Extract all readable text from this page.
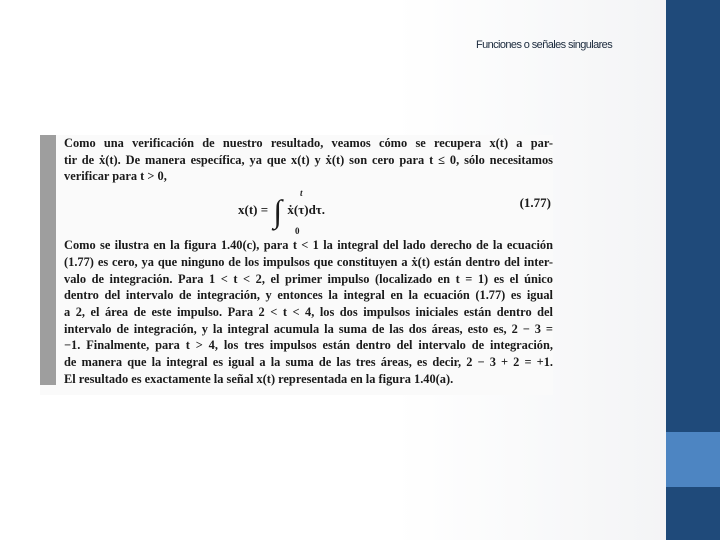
Funciones o señales singulares
Como una verificación de nuestro resultado, veamos cómo se recupera x(t) a par-
tir de ẋ(t). De manera específica, ya que x(t) y ẋ(t) son cero para t ≤ 0, sólo necesitamos
verificar para t > 0,
x(t) = ∫ t
0
ẋ(τ)dτ.	(1.77)
Como se ilustra en la figura 1.40(c), para t < 1 la integral del lado derecho de la ecuación
(1.77) es cero, ya que ninguno de los impulsos que constituyen a ẋ(t) están dentro del inter-
valo de integración. Para 1 < t < 2, el primer impulso (localizado en t = 1) es el único
dentro del intervalo de integración, y entonces la integral en la ecuación (1.77) es igual
a 2, el área de este impulso. Para 2 < t < 4, los dos impulsos iniciales están dentro del
intervalo de integración, y la integral acumula la suma de las dos áreas, esto es, 2 − 3 =
−1. Finalmente, para t > 4, los tres impulsos están dentro del intervalo de integración,
de manera que la integral es igual a la suma de las tres áreas, es decir, 2 − 3 + 2 = +1.
El resultado es exactamente la señal x(t) representada en la figura 1.40(a).
